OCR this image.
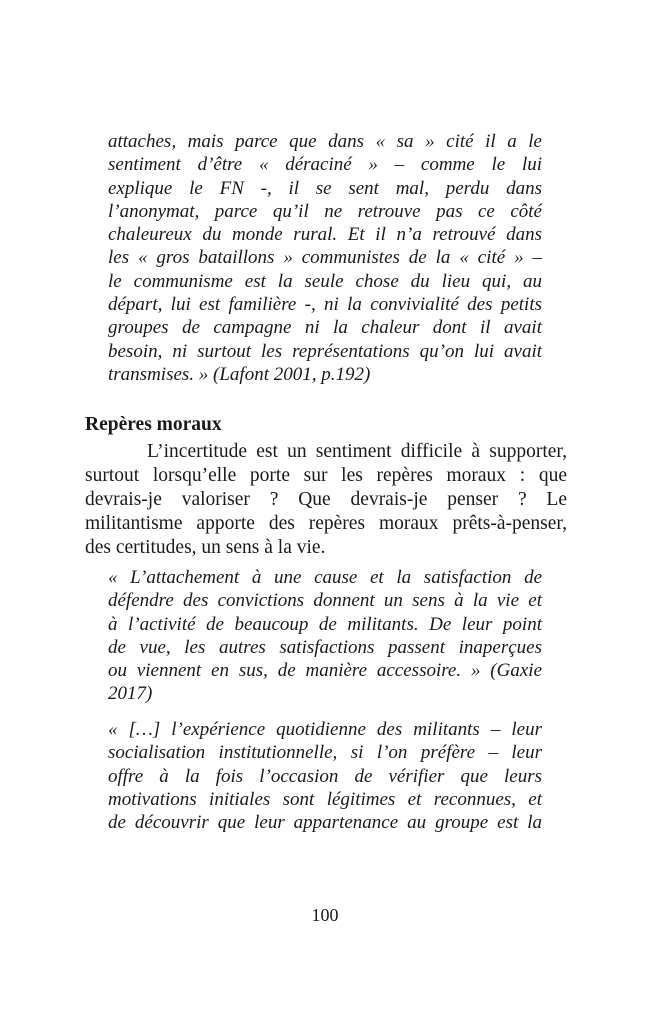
attaches, mais parce que dans « sa » cité il a le
sentiment d’être « déraciné » – comme le lui
explique le FN -, il se sent mal, perdu dans
l’anonymat, parce qu’il ne retrouve pas ce côté
chaleureux du monde rural. Et il n’a retrouvé dans
les « gros bataillons » communistes de la « cité » –
le communisme est la seule chose du lieu qui, au
départ, lui est familière -, ni la convivialité des petits
groupes de campagne ni la chaleur dont il avait
besoin, ni surtout les représentations qu’on lui avait
transmises. » (Lafont 2001, p.192)
Repères moraux
L’incertitude est un sentiment difficile à supporter,
surtout lorsqu’elle porte sur les repères moraux : que
devrais-je valoriser ? Que devrais-je penser ? Le
militantisme apporte des repères moraux prêts-à-penser,
des certitudes, un sens à la vie.
« L’attachement à une cause et la satisfaction de
défendre des convictions donnent un sens à la vie et
à l’activité de beaucoup de militants. De leur point
de vue, les autres satisfactions passent inaperçues
ou viennent en sus, de manière accessoire. » (Gaxie
2017)
« […] l’expérience quotidienne des militants – leur
socialisation institutionnelle, si l’on préfère – leur
offre à la fois l’occasion de vérifier que leurs
motivations initiales sont légitimes et reconnues, et
de découvrir que leur appartenance au groupe est la
100
